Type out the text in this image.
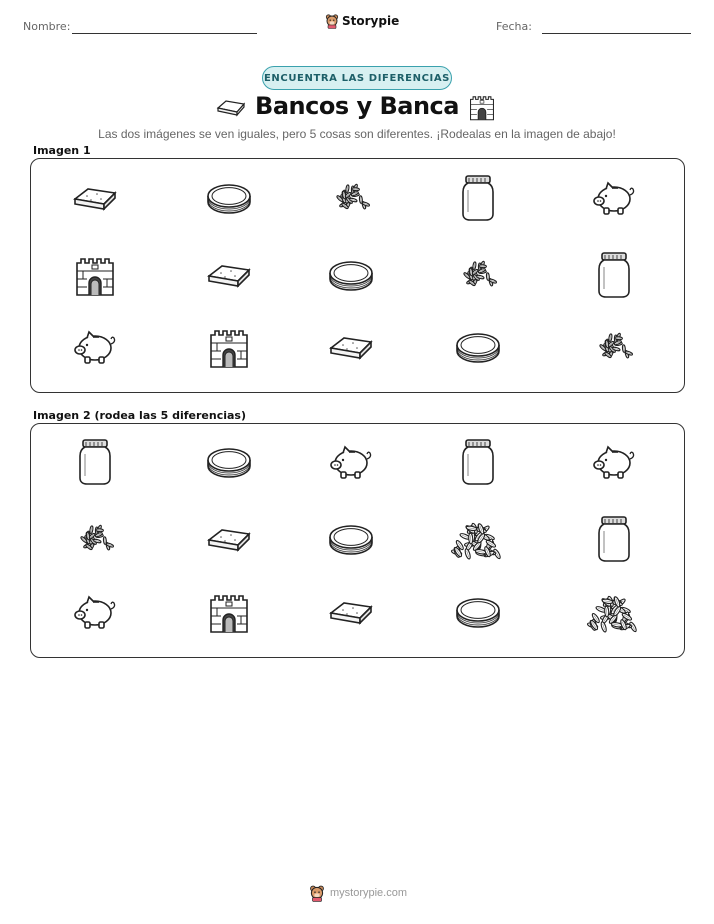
Nombre:	Storypie	Fecha:
ENCUENTRA LAS DIFERENCIAS
Bancos y Banca
Las dos imágenes se ven iguales, pero 5 cosas son diferentes. ¡Rodealas en la imagen de abajo!
Imagen 1
Imagen 2 (rodea las 5 diferencias)
mystorypie.com
